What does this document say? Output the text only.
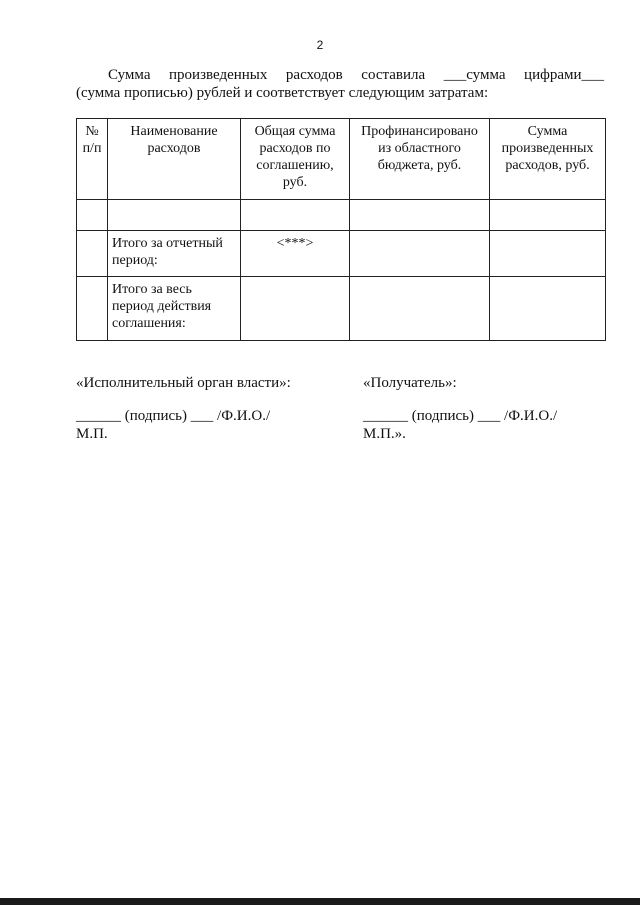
2
Сумма произведенных расходов составила ___сумма цифрами___
(сумма прописью) рублей и соответствует следующим затратам:
№ п/п	Наименование расходов	Общая сумма расходов по соглашению, руб.	Профинансировано из областного бюджета, руб.	Сумма произведенных расходов, руб.

	Итого за отчетный период:	<***>		
	Итого за весь период действия соглашения:			
«Исполнительный орган власти»:
______ (подпись) ___ /Ф.И.О./
М.П.
«Получатель»:
______ (подпись) ___ /Ф.И.О./
М.П.».
